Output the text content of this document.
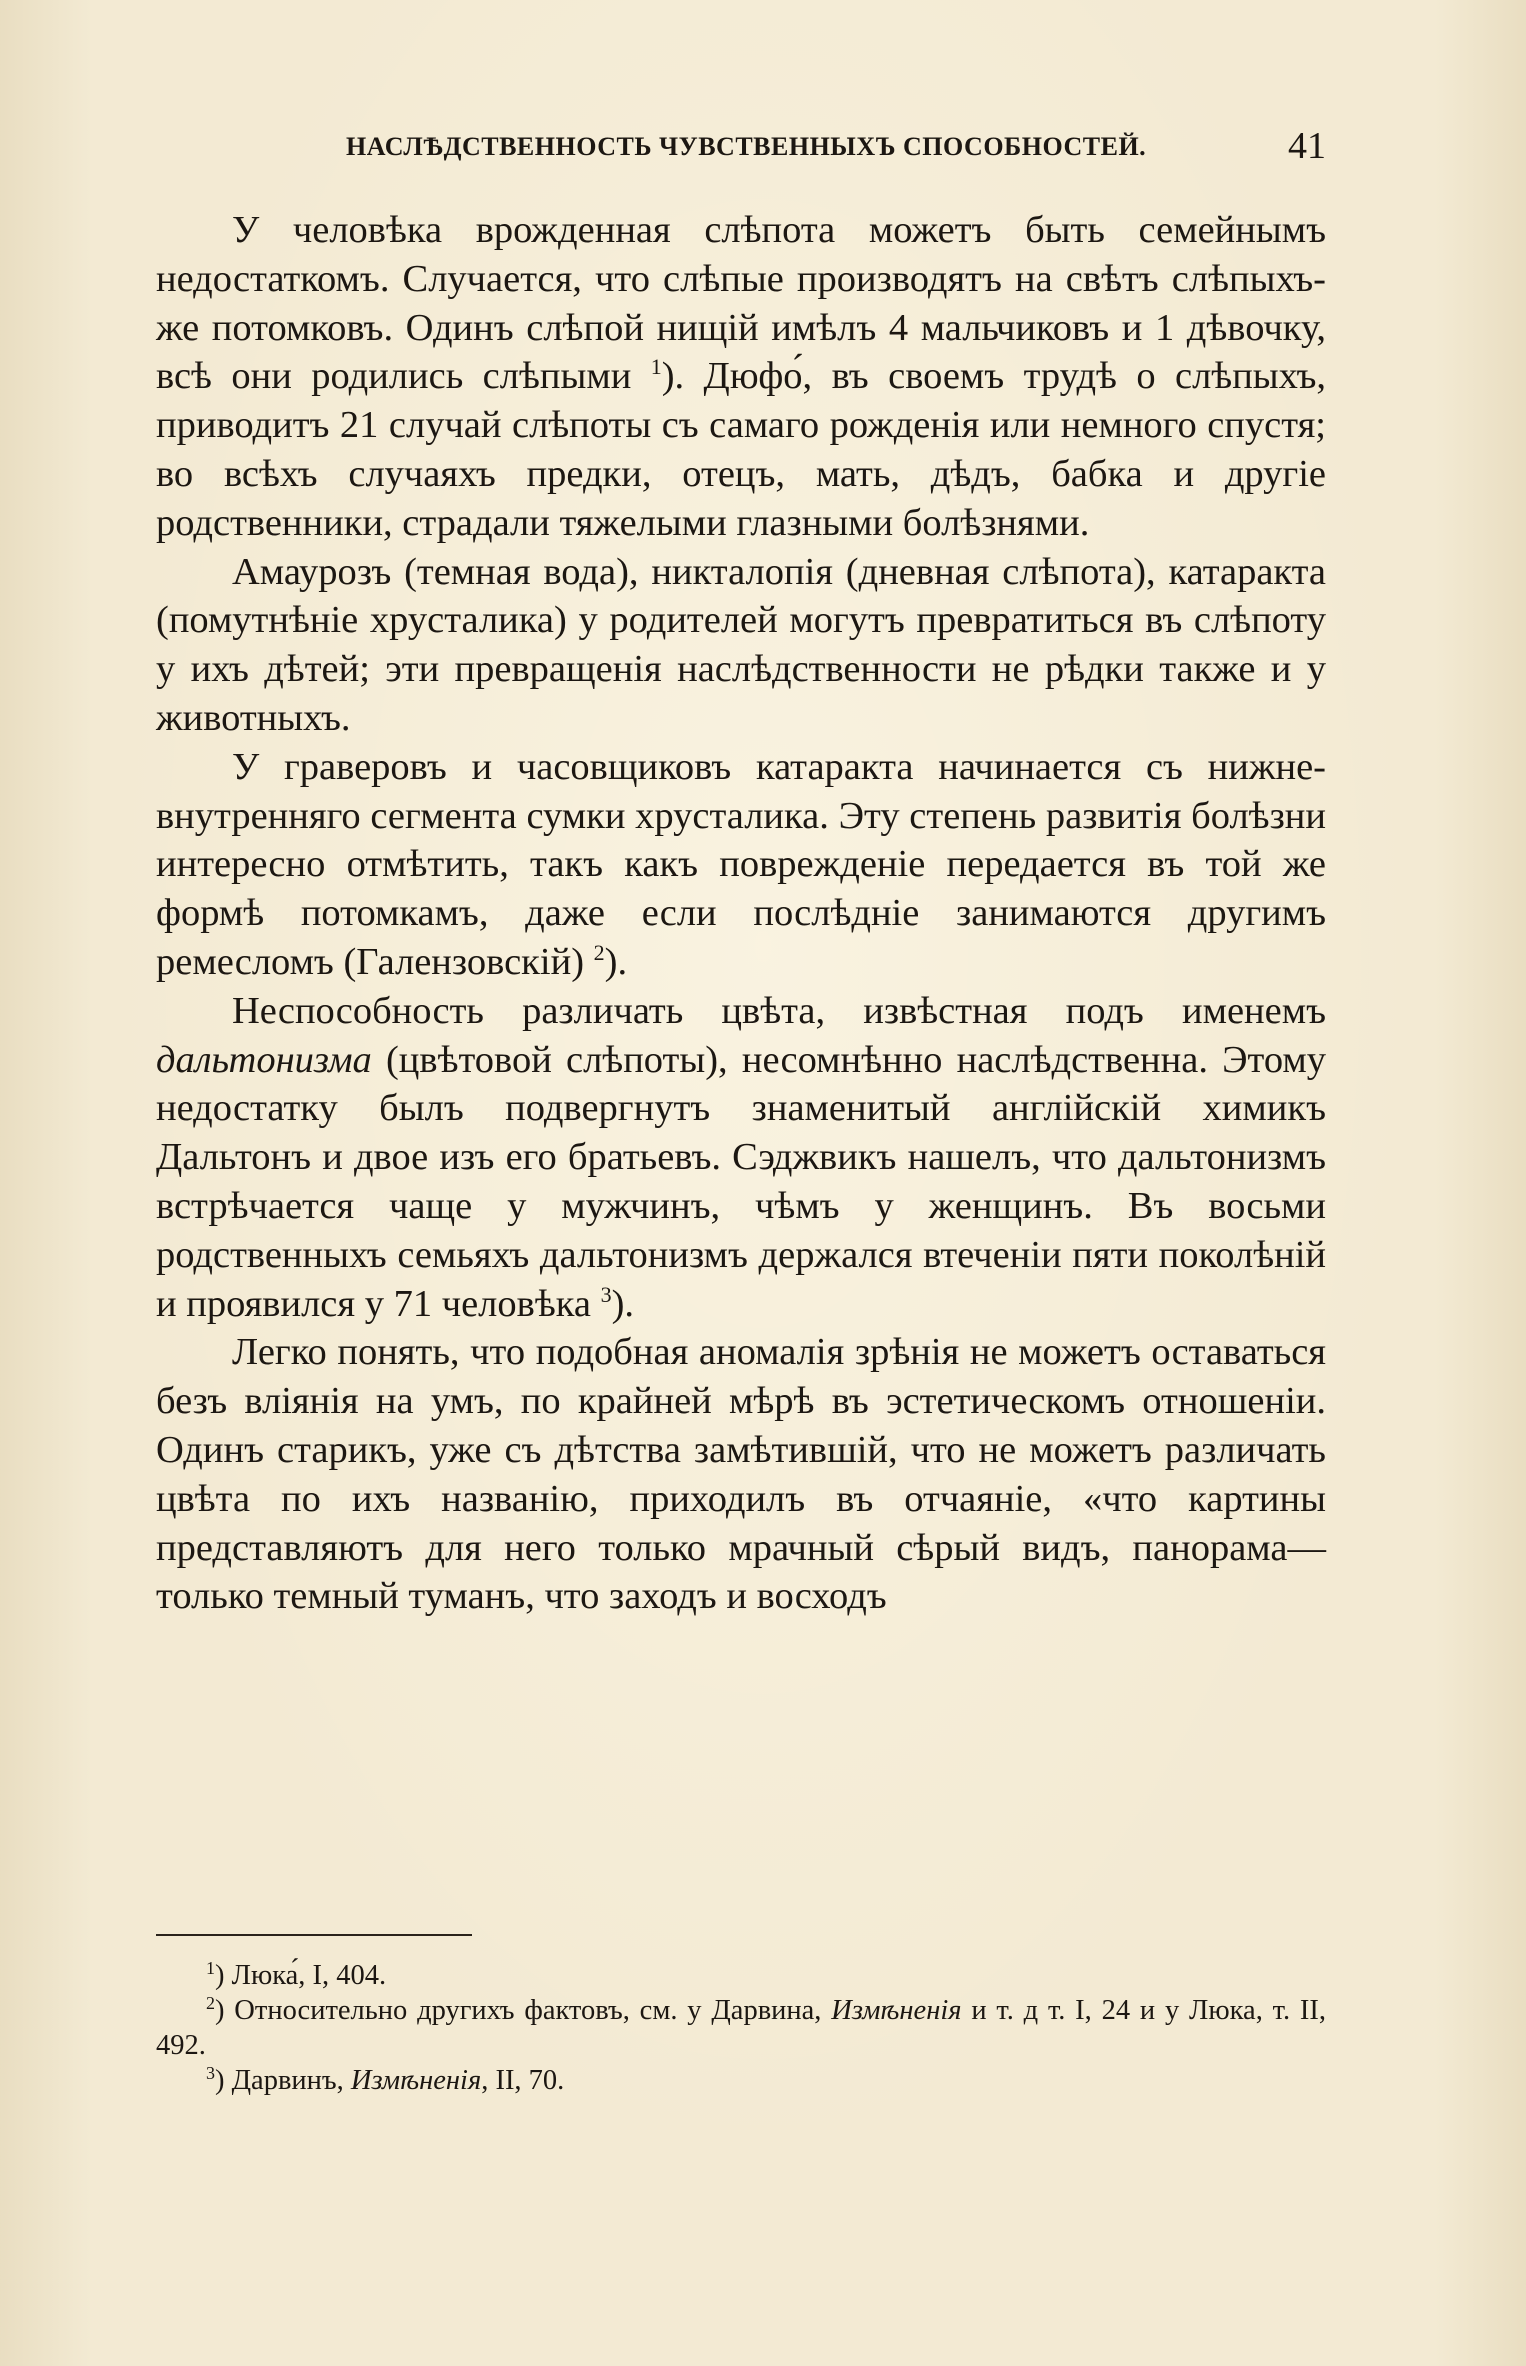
НАСЛѢДСТВЕННОСТЬ ЧУВСТВЕННЫХЪ СПОСОБНОСТЕЙ.	41

У человѣка врожденная слѣпота можетъ быть семейнымъ недостаткомъ. Случается, что слѣпые производятъ на свѣтъ слѣпыхъ-же потомковъ. Одинъ слѣпой нищій имѣлъ 4 мальчиковъ и 1 дѣвочку, всѣ они родились слѣпыми $^1$). Дюфо́, въ своемъ трудѣ о слѣпыхъ, приводитъ 21 случай слѣпоты съ самаго рожденія или немного спустя; во всѣхъ случаяхъ предки, отецъ, мать, дѣдъ, бабка и другіе родственники, страдали тяжелыми глазными болѣзнями.

Амаурозъ (темная вода), никталопія (дневная слѣпота), катаракта (помутнѣніе хрусталика) у родителей могутъ превратиться въ слѣпоту у ихъ дѣтей; эти превращенія наслѣдственности не рѣдки также и у животныхъ.

У граверовъ и часовщиковъ катаракта начинается съ нижне-внутренняго сегмента сумки хрусталика. Эту степень развитія болѣзни интересно отмѣтить, такъ какъ поврежденіе передается въ той же формѣ потомкамъ, даже если послѣдніе занимаются другимъ ремесломъ (Галензовскій) $^2$).

Неспособность различать цвѣта, извѣстная подъ именемъ дальтонизма (цвѣтовой слѣпоты), несомнѣнно наслѣдственна. Этому недостатку былъ подвергнутъ знаменитый англійскій химикъ Дальтонъ и двое изъ его братьевъ. Сэджвикъ нашелъ, что дальтонизмъ встрѣчается чаще у мужчинъ, чѣмъ у женщинъ. Въ восьми родственныхъ семьяхъ дальтонизмъ держался втеченіи пяти поколѣній и проявился у 71 человѣка $^3$).

Легко понять, что подобная аномалія зрѣнія не можетъ оставаться безъ вліянія на умъ, по крайней мѣрѣ въ эстетическомъ отношеніи. Одинъ старикъ, уже съ дѣтства замѣтившій, что не можетъ различать цвѣта по ихъ названію, приходилъ въ отчаяніе, «что картины представляютъ для него только мрачный сѣрый видъ, панорама—только темный туманъ, что заходъ и восходъ

$^1$) Люка́, I, 404.

$^2$) Относительно другихъ фактовъ, см. у Дарвина, Измѣненія и т. д т. I, 24 и у Люка, т. II, 492.

$^3$) Дарвинъ, Измѣненія, II, 70.
